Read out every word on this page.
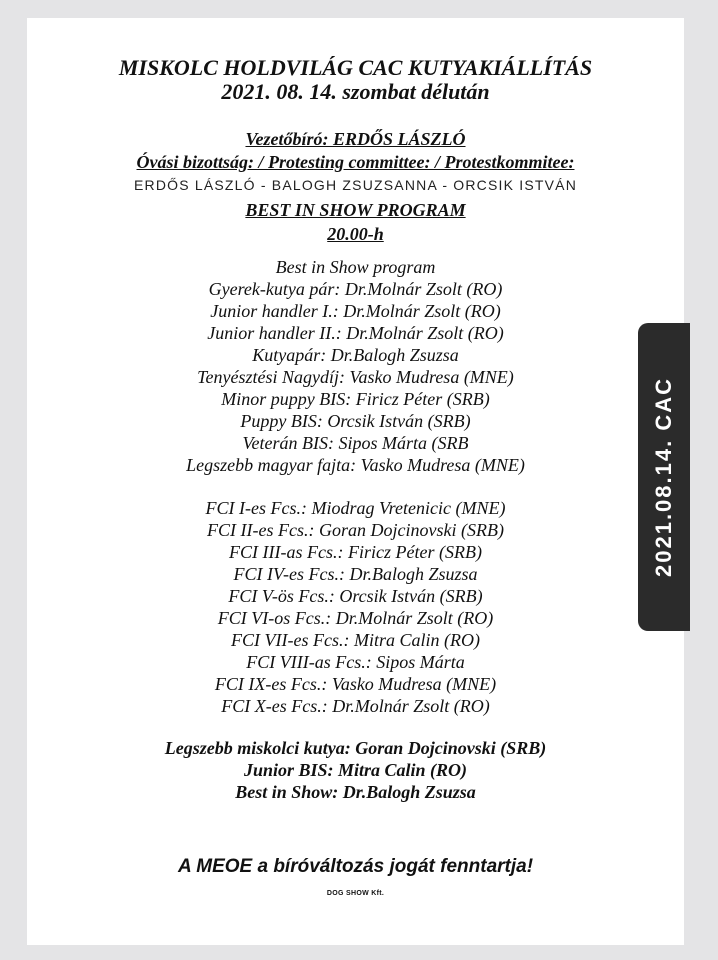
MISKOLC HOLDVILÁG CAC KUTYAKIÁLLÍTÁS
2021. 08. 14. szombat délután
Vezetőbíró: ERDŐS LÁSZLÓ
Óvási bizottság: / Protesting committee: / Protestkommitee:
ERDŐS LÁSZLÓ - BALOGH ZSUZSANNA - ORCSIK ISTVÁN
BEST IN SHOW PROGRAM
20.00-h
Best in Show program
Gyerek-kutya pár: Dr.Molnár Zsolt (RO)
Junior handler I.: Dr.Molnár Zsolt (RO)
Junior handler II.: Dr.Molnár Zsolt (RO)
Kutyapár: Dr.Balogh Zsuzsa
Tenyésztési Nagydíj: Vasko Mudresa (MNE)
Minor puppy BIS: Firicz Péter (SRB)
Puppy BIS: Orcsik István (SRB)
Veterán BIS: Sipos Márta (SRB
Legszebb magyar fajta: Vasko Mudresa (MNE)
FCI I-es Fcs.: Miodrag Vretenicic (MNE)
FCI II-es Fcs.: Goran Dojcinovski (SRB)
FCI III-as Fcs.: Firicz Péter (SRB)
FCI IV-es Fcs.: Dr.Balogh Zsuzsa
FCI V-ös Fcs.: Orcsik István (SRB)
FCI VI-os Fcs.: Dr.Molnár Zsolt (RO)
FCI VII-es Fcs.: Mitra Calin (RO)
FCI VIII-as Fcs.: Sipos Márta
FCI IX-es Fcs.: Vasko Mudresa (MNE)
FCI X-es Fcs.: Dr.Molnár Zsolt (RO)
Legszebb miskolci kutya: Goran Dojcinovski (SRB)
Junior BIS: Mitra Calin (RO)
Best in Show: Dr.Balogh Zsuzsa
A MEOE a bíróváltozás jogát fenntartja!
DOG SHOW Kft.
2021.08.14. CAC
